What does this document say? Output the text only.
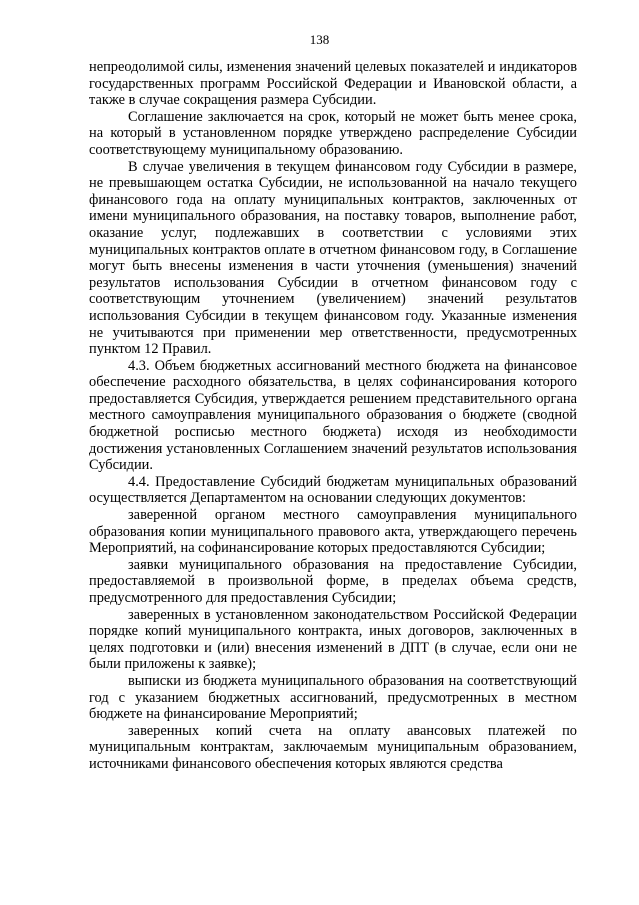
138

непреодолимой силы, изменения значений целевых показателей и индикаторов государственных программ Российской Федерации и Ивановской области, а также в случае сокращения размера Субсидии.

Соглашение заключается на срок, который не может быть менее срока, на который в установленном порядке утверждено распределение Субсидии соответствующему муниципальному образованию.

В случае увеличения в текущем финансовом году Субсидии в размере, не превышающем остатка Субсидии, не использованной на начало текущего финансового года на оплату муниципальных контрактов, заключенных от имени муниципального образования, на поставку товаров, выполнение работ, оказание услуг, подлежавших в соответствии с условиями этих муниципальных контрактов оплате в отчетном финансовом году, в Соглашение могут быть внесены изменения в части уточнения (уменьшения) значений результатов использования Субсидии в отчетном финансовом году с соответствующим уточнением (увеличением) значений результатов использования Субсидии в текущем финансовом году. Указанные изменения не учитываются при применении мер ответственности, предусмотренных пунктом 12 Правил.

4.3. Объем бюджетных ассигнований местного бюджета на финансовое обеспечение расходного обязательства, в целях софинансирования которого предоставляется Субсидия, утверждается решением представительного органа местного самоуправления муниципального образования о бюджете (сводной бюджетной росписью местного бюджета) исходя из необходимости достижения установленных Соглашением значений результатов использования Субсидии.

4.4. Предоставление Субсидий бюджетам муниципальных образований осуществляется Департаментом на основании следующих документов:

заверенной органом местного самоуправления муниципального образования копии муниципального правового акта, утверждающего перечень Мероприятий, на софинансирование которых предоставляются Субсидии;

заявки муниципального образования на предоставление Субсидии, предоставляемой в произвольной форме, в пределах объема средств, предусмотренного для предоставления Субсидии;

заверенных в установленном законодательством Российской Федерации порядке копий муниципального контракта, иных договоров, заключенных в целях подготовки и (или) внесения изменений в ДПТ (в случае, если они не были приложены к заявке);

выписки из бюджета муниципального образования на соответствующий год с указанием бюджетных ассигнований, предусмотренных в местном бюджете на финансирование Мероприятий;

заверенных копий счета на оплату авансовых платежей по муниципальным контрактам, заключаемым муниципальным образованием, источниками финансового обеспечения которых являются средства
